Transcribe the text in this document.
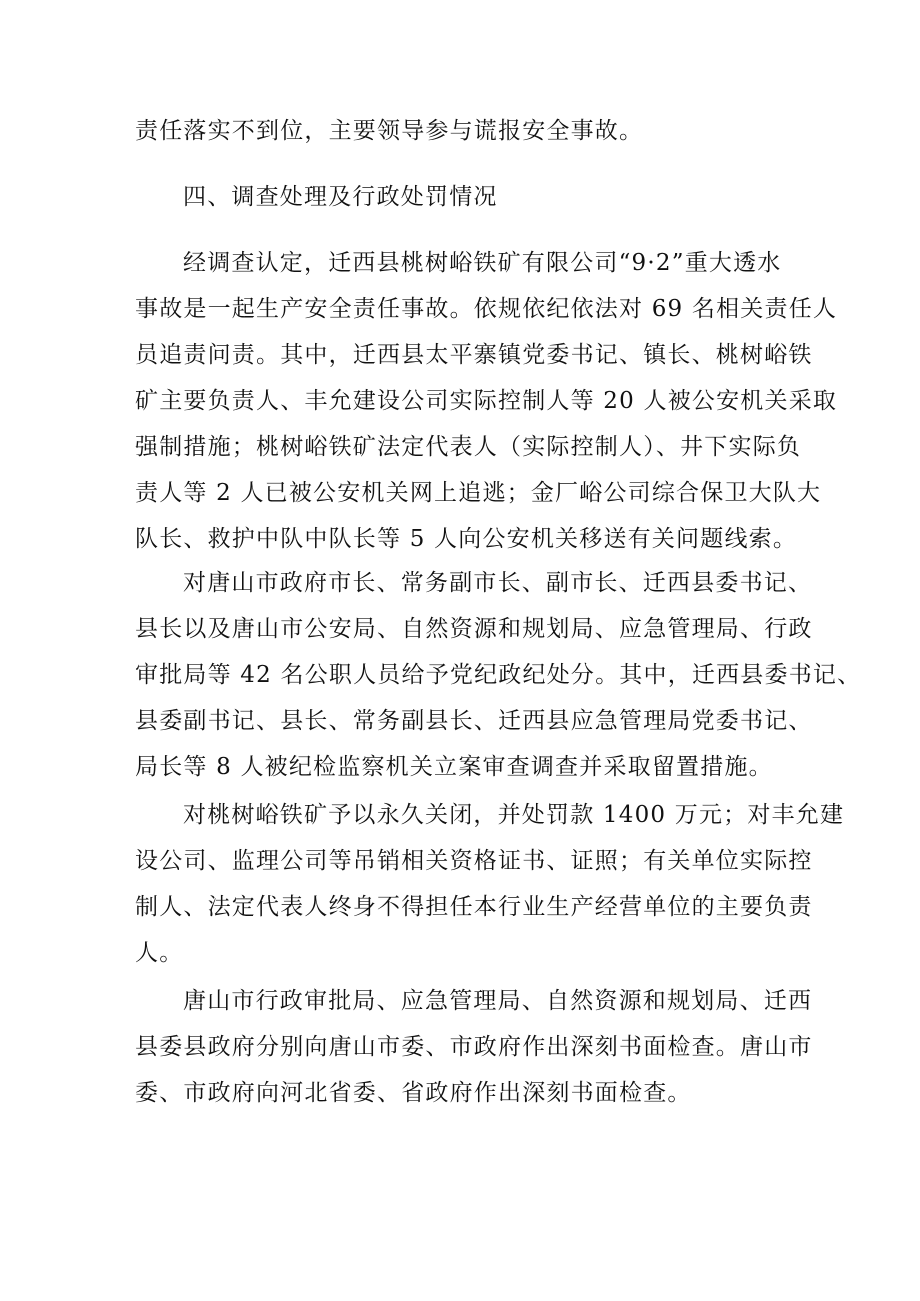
责任落实不到位，主要领导参与谎报安全事故。
四、调查处理及行政处罚情况
经调查认定，迁西县桃树峪铁矿有限公司“9·2”重大透水
事故是一起生产安全责任事故。依规依纪依法对 69 名相关责任人
员追责问责。其中，迁西县太平寨镇党委书记、镇长、桃树峪铁
矿主要负责人、丰允建设公司实际控制人等 20 人被公安机关采取
强制措施；桃树峪铁矿法定代表人（实际控制人）、井下实际负
责人等 2 人已被公安机关网上追逃；金厂峪公司综合保卫大队大
队长、救护中队中队长等 5 人向公安机关移送有关问题线索。
对唐山市政府市长、常务副市长、副市长、迁西县委书记、
县长以及唐山市公安局、自然资源和规划局、应急管理局、行政
审批局等 42 名公职人员给予党纪政纪处分。其中，迁西县委书记、
县委副书记、县长、常务副县长、迁西县应急管理局党委书记、
局长等 8 人被纪检监察机关立案审查调查并采取留置措施。
对桃树峪铁矿予以永久关闭，并处罚款 1400 万元；对丰允建
设公司、监理公司等吊销相关资格证书、证照；有关单位实际控
制人、法定代表人终身不得担任本行业生产经营单位的主要负责
人。
唐山市行政审批局、应急管理局、自然资源和规划局、迁西
县委县政府分别向唐山市委、市政府作出深刻书面检查。唐山市
委、市政府向河北省委、省政府作出深刻书面检查。
